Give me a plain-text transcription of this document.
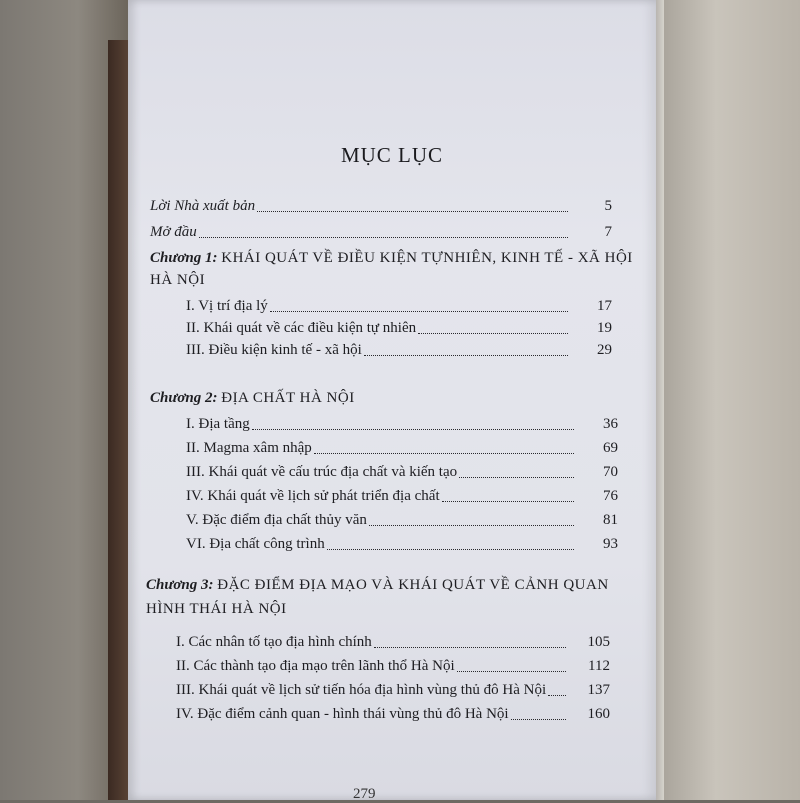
MỤC LỤC
Lời Nhà xuất bản	5
Mở đầu	7
Chương 1: KHÁI QUÁT VỀ ĐIỀU KIỆN TỰNHIÊN, KINH TẾ - XÃ HỘI
HÀ NỘI
I. Vị trí địa lý	17
II. Khái quát về các điều kiện tự nhiên	19
III. Điều kiện kinh tế - xã hội	29
Chương 2: ĐỊA CHẤT HÀ NỘI
I. Địa tầng	36
II. Magma xâm nhập	69
III. Khái quát về cấu trúc địa chất và kiến tạo	70
IV. Khái quát về lịch sử phát triển địa chất	76
V. Đặc điểm địa chất thủy văn	81
VI. Địa chất công trình	93
Chương 3: ĐẶC ĐIỂM ĐỊA MẠO VÀ KHÁI QUÁT VỀ CẢNH QUAN
HÌNH THÁI HÀ NỘI
I. Các nhân tố tạo địa hình chính	105
II. Các thành tạo địa mạo trên lãnh thổ Hà Nội	112
III. Khái quát về lịch sử tiến hóa địa hình vùng thủ đô Hà Nội	137
IV. Đặc điểm cảnh quan - hình thái vùng thủ đô Hà Nội	160
279
